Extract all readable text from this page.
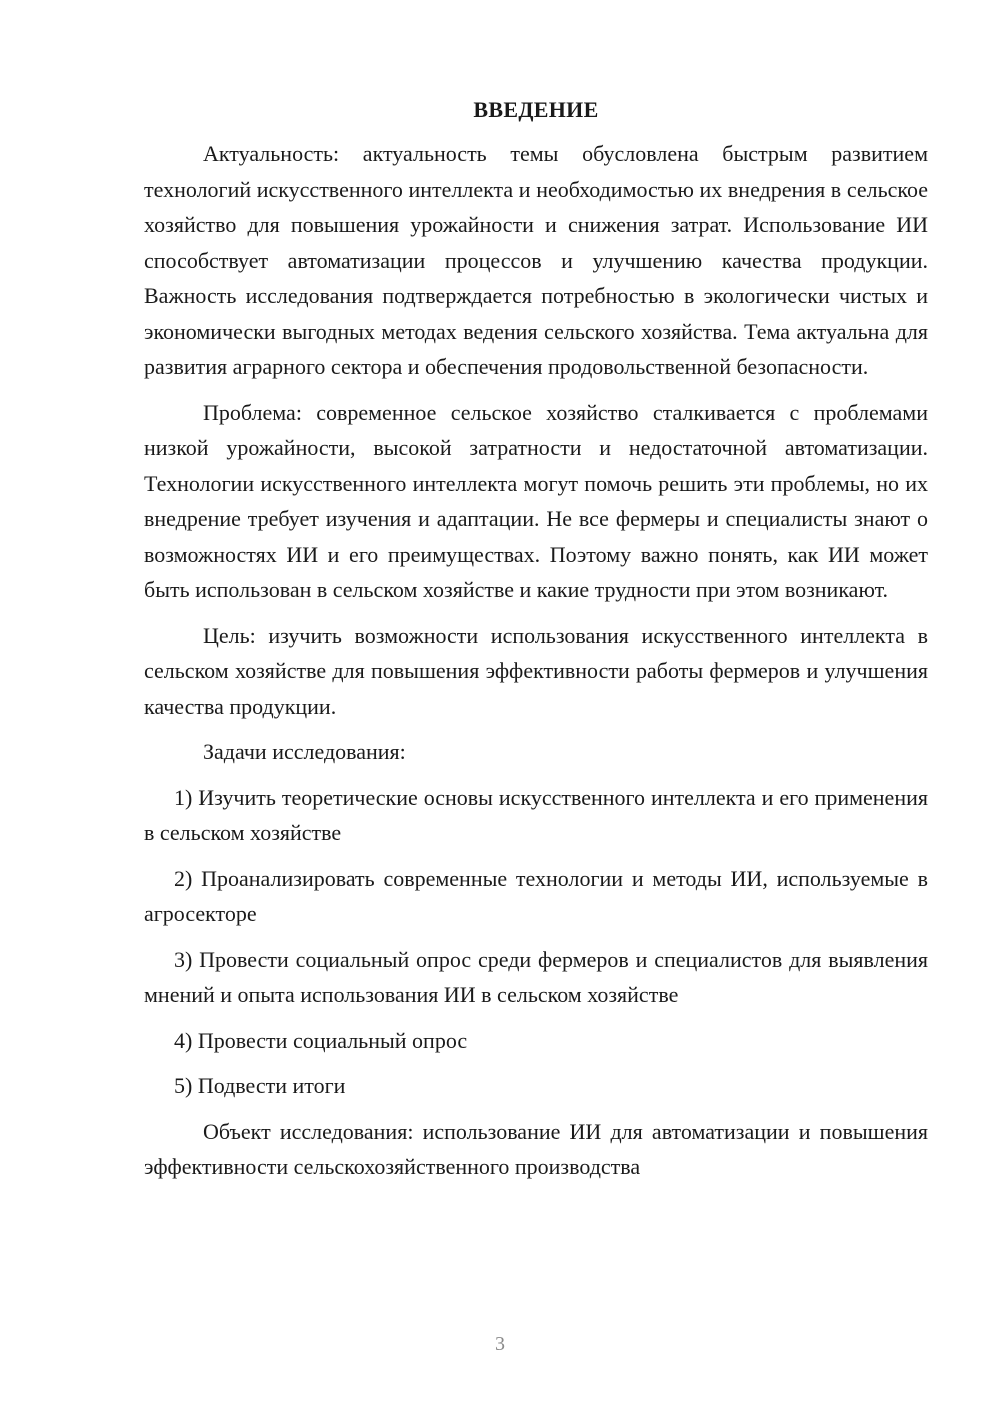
ВВЕДЕНИЕ

Актуальность: актуальность темы обусловлена быстрым развитием технологий искусственного интеллекта и необходимостью их внедрения в сельское хозяйство для повышения урожайности и снижения затрат. Использование ИИ способствует автоматизации процессов и улучшению качества продукции. Важность исследования подтверждается потребностью в экологически чистых и экономически выгодных методах ведения сельского хозяйства. Тема актуальна для развития аграрного сектора и обеспечения продовольственной безопасности.

Проблема: современное сельское хозяйство сталкивается с проблемами низкой урожайности, высокой затратности и недостаточной автоматизации. Технологии искусственного интеллекта могут помочь решить эти проблемы, но их внедрение требует изучения и адаптации. Не все фермеры и специалисты знают о возможностях ИИ и его преимуществах. Поэтому важно понять, как ИИ может быть использован в сельском хозяйстве и какие трудности при этом возникают.

Цель: изучить возможности использования искусственного интеллекта в сельском хозяйстве для повышения эффективности работы фермеров и улучшения качества продукции.

Задачи исследования:

1) Изучить теоретические основы искусственного интеллекта и его применения в сельском хозяйстве

2) Проанализировать современные технологии и методы ИИ, используемые в агросекторе

3) Провести социальный опрос среди фермеров и специалистов для выявления мнений и опыта использования ИИ в сельском хозяйстве

4) Провести социальный опрос

5) Подвести итоги

Объект исследования: использование ИИ для автоматизации и повышения эффективности сельскохозяйственного производства

3
